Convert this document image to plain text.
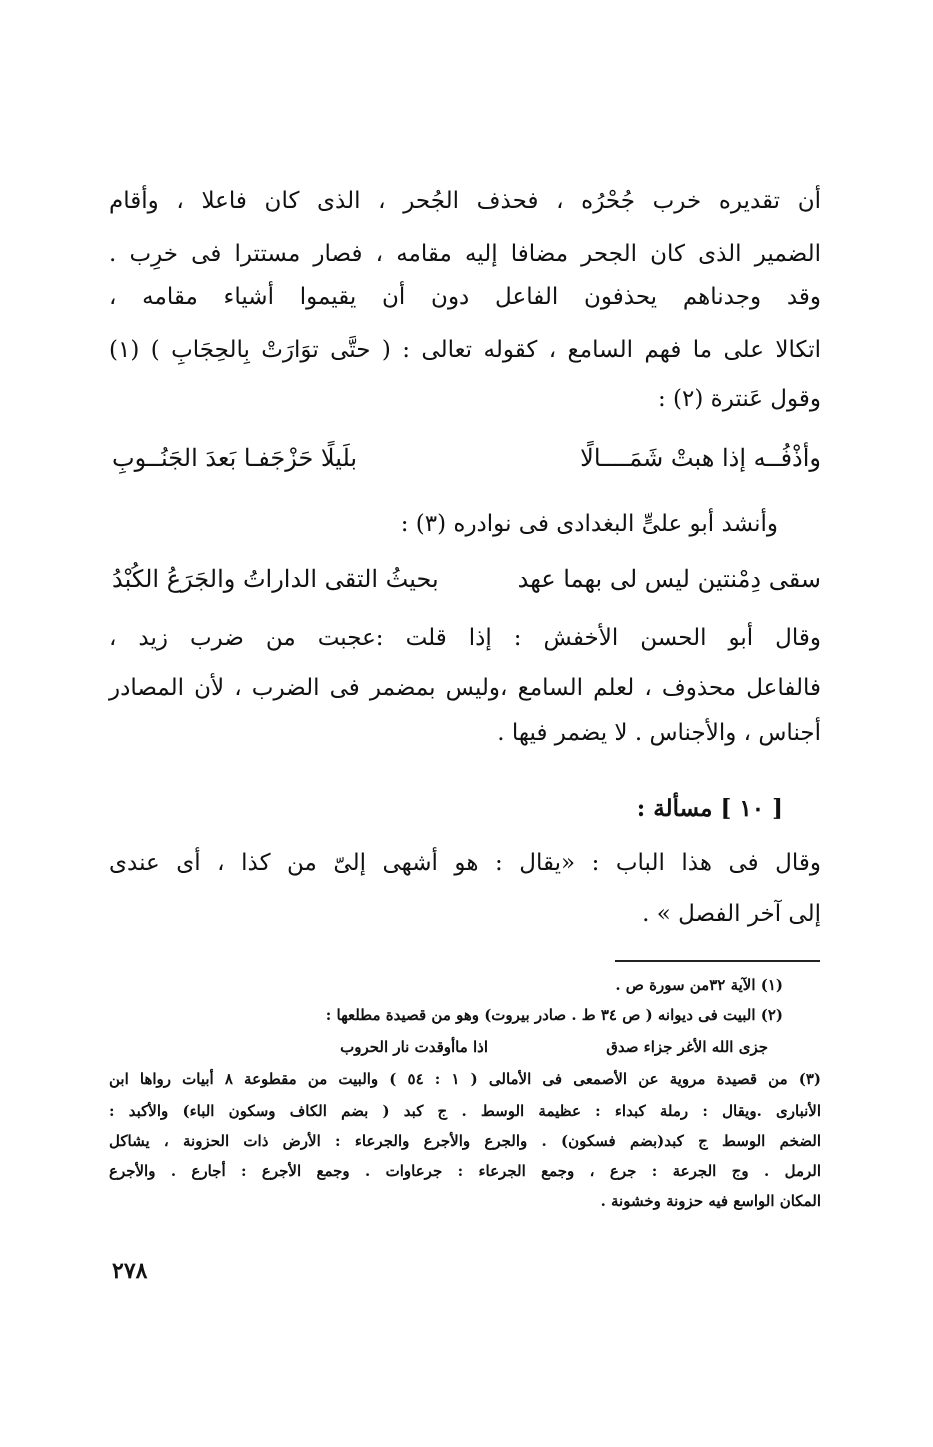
أن تقديره خرب جُحْرُه ، فحذف الجُحر ، الذى كان فاعلا ، وأقام
الضمير الذى كان الجحر مضافا إليه مقامه ، فصار مستترا فى خرِب .
وقد وجدناهم يحذفون الفاعل دون أن يقيموا أشياء مقامه ،
اتكالا على ما فهم السامع ، كقوله تعالى : ( حتَّى توَارَتْ بِالحِجَابِ ) (١)
وقول عَنترة (٢) :
وأذْفُــه إذا هبتْ شَمَــــالًا
بلَيلًا حَزْجَفـا بَعدَ الجَنُــوبِ
وأنشد أبو علىٍّ البغدادى فى نوادره (٣) :
سقى دِمْنتين ليس لى بهما عهد
بحيثُ التقى الداراتُ والجَرَعُ الكُبْدُ
وقال أبو الحسن الأخفش : إذا قلت :عجبت من ضرب زيد ،
فالفاعل محذوف ، لعلم السامع ،وليس بمضمر فى الضرب ، لأن المصادر
أجناس ، والأجناس . لا يضمر فيها .
[ ١٠ ] مسألة :
وقال فى هذا الباب : «يقال : هو أشهى إلىّ من كذا ، أى عندى
إلى آخر الفصل » .
(١) الآية ٣٢من سورة ص .
(٢) البيت فى ديوانه ( ص ٣٤ ط . صادر بيروت) وهو من قصيدة مطلعها :
جزى الله الأغر جزاء صدق
اذا ماأوقدت نار الحروب
(٣) من قصيدة مروية عن الأصمعى فى الأمالى ( ١ : ٥٤ ) والبيت من مقطوعة ٨ أبيات رواها ابن
الأنبارى .ويقال : رملة كبداء : عظيمة الوسط . ج كبد ( بضم الكاف وسكون الباء) والأكبد :
الضخم الوسط ج كبد(بضم فسكون) . والجرع والأجرع والجرعاء : الأرض ذات الحزونة ، يشاكل
الرمل . وج الجرعة : جرع ، وجمع الجرعاء : جرعاوات . وجمع الأجرع : أجارع . والأجرع
المكان الواسع فيه حزونة وخشونة .
٢٧٨
